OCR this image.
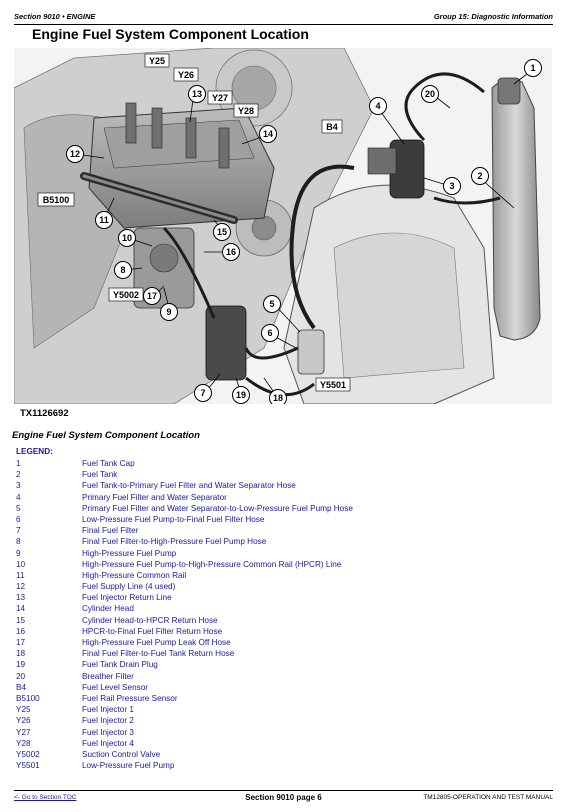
Section 9010 • ENGINE	Group 15: Diagnostic Information
Engine Fuel System Component Location
1
2
3
4
5
6
7
8
9
10
11
12
13
14
15
16
17
18
19
20
B4
B5100
Y25
Y26
Y27
Y28
Y5002
Y5501
TX1126692
Engine Fuel System Component Location
LEGEND:
1	Fuel Tank Cap
2	Fuel Tank
3	Fuel Tank-to-Primary Fuel Filter and Water Separator Hose
4	Primary Fuel Filter and Water Separator
5	Primary Fuel Filter and Water Separator-to-Low-Pressure Fuel Pump Hose
6	Low-Pressure Fuel Pump-to-Final Fuel Filter Hose
7	Final Fuel Filter
8	Final Fuel Filter-to-High-Pressure Fuel Pump Hose
9	High-Pressure Fuel Pump
10	High-Pressure Fuel Pump-to-High-Pressure Common Rail (HPCR) Line
11	High-Pressure Common Rail
12	Fuel Supply Line (4 used)
13	Fuel Injector Return Line
14	Cylinder Head
15	Cylinder Head-to-HPCR Return Hose
16	HPCR-to-Final Fuel Filter Return Hose
17	High-Pressure Fuel Pump Leak Off Hose
18	Final Fuel Filter-to-Fuel Tank Return Hose
19	Fuel Tank Drain Plug
20	Breather Filter
B4	Fuel Level Sensor
B5100	Fuel Rail Pressure Sensor
Y25	Fuel Injector 1
Y26	Fuel Injector 2
Y27	Fuel Injector 3
Y28	Fuel Injector 4
Y5002	Suction Control Valve
Y5501	Low-Pressure Fuel Pump
<- Go to Section TOC	Section 9010 page 6	TM12805-OPERATION AND TEST MANUAL
